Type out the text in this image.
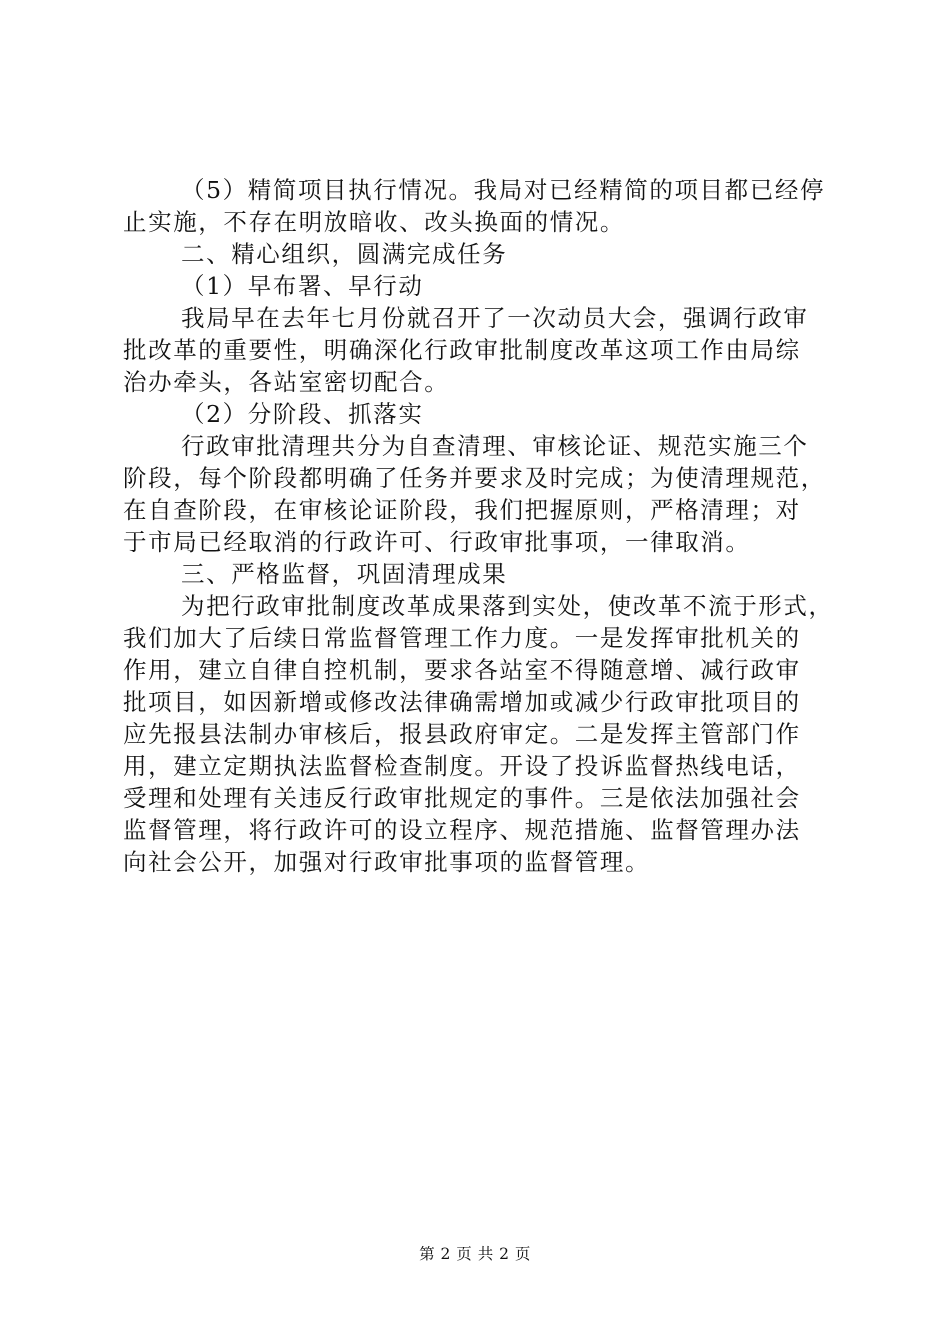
（5）精简项目执行情况。我局对已经精简的项目都已经停
止实施，不存在明放暗收、改头换面的情况。
二、精心组织，圆满完成任务
（1）早布署、早行动
我局早在去年七月份就召开了一次动员大会，强调行政审
批改革的重要性，明确深化行政审批制度改革这项工作由局综
治办牵头，各站室密切配合。
（2）分阶段、抓落实
行政审批清理共分为自查清理、审核论证、规范实施三个
阶段，每个阶段都明确了任务并要求及时完成；为使清理规范，
在自查阶段，在审核论证阶段，我们把握原则，严格清理；对
于市局已经取消的行政许可、行政审批事项，一律取消。
三、严格监督，巩固清理成果
为把行政审批制度改革成果落到实处，使改革不流于形式，
我们加大了后续日常监督管理工作力度。一是发挥审批机关的
作用，建立自律自控机制，要求各站室不得随意增、减行政审
批项目，如因新增或修改法律确需增加或减少行政审批项目的
应先报县法制办审核后，报县政府审定。二是发挥主管部门作
用，建立定期执法监督检查制度。开设了投诉监督热线电话，
受理和处理有关违反行政审批规定的事件。三是依法加强社会
监督管理，将行政许可的设立程序、规范措施、监督管理办法
向社会公开，加强对行政审批事项的监督管理。
第 2 页 共 2 页
